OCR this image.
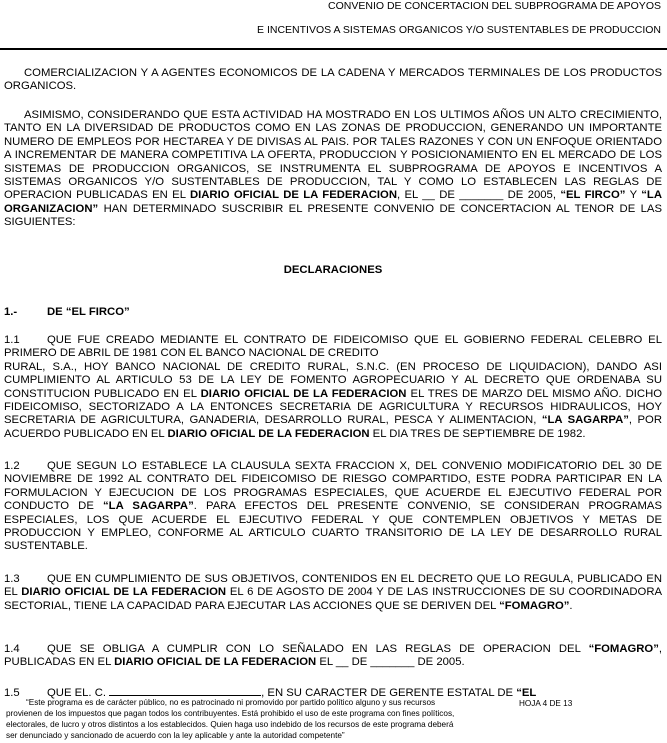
CONVENIO DE CONCERTACION DEL SUBPROGRAMA DE APOYOS
E INCENTIVOS A SISTEMAS ORGANICOS Y/O SUSTENTABLES DE PRODUCCION

COMERCIALIZACION Y A AGENTES ECONOMICOS DE LA CADENA Y MERCADOS TERMINALES DE LOS PRODUCTOS ORGANICOS.

ASIMISMO, CONSIDERANDO QUE ESTA ACTIVIDAD HA MOSTRADO EN LOS ULTIMOS AÑOS UN ALTO CRECIMIENTO, TANTO EN LA DIVERSIDAD DE PRODUCTOS COMO EN LAS ZONAS DE PRODUCCION, GENERANDO UN IMPORTANTE NUMERO DE EMPLEOS POR HECTAREA Y DE DIVISAS AL PAIS. POR TALES RAZONES Y CON UN ENFOQUE ORIENTADO A INCREMENTAR DE MANERA COMPETITIVA LA OFERTA, PRODUCCION Y POSICIONAMIENTO EN EL MERCADO DE LOS SISTEMAS DE PRODUCCION ORGANICOS, SE INSTRUMENTA EL SUBPROGRAMA DE APOYOS E INCENTIVOS A SISTEMAS ORGANICOS Y/O SUSTENTABLES DE PRODUCCION, TAL Y COMO LO ESTABLECEN LAS REGLAS DE OPERACION PUBLICADAS EN EL DIARIO OFICIAL DE LA FEDERACION, EL __ DE _______ DE 2005, “EL FIRCO” Y “LA ORGANIZACION” HAN DETERMINADO SUSCRIBIR EL PRESENTE CONVENIO DE CONCERTACION AL TENOR DE LAS SIGUIENTES:

DECLARACIONES

1.-	DE “EL FIRCO”

1.1 QUE FUE CREADO MEDIANTE EL CONTRATO DE FIDEICOMISO QUE EL GOBIERNO FEDERAL CELEBRO EL PRIMERO DE ABRIL DE 1981 CON EL BANCO NACIONAL DE CREDITO
RURAL, S.A., HOY BANCO NACIONAL DE CREDITO RURAL, S.N.C. (EN PROCESO DE LIQUIDACION), DANDO ASI CUMPLIMIENTO AL ARTICULO 53 DE LA LEY DE FOMENTO AGROPECUARIO Y AL DECRETO QUE ORDENABA SU CONSTITUCION PUBLICADO EN EL DIARIO OFICIAL DE LA FEDERACION EL TRES DE MARZO DEL MISMO AÑO. DICHO FIDEICOMISO, SECTORIZADO A LA ENTONCES SECRETARIA DE AGRICULTURA Y RECURSOS HIDRAULICOS, HOY SECRETARIA DE AGRICULTURA, GANADERIA, DESARROLLO RURAL, PESCA Y ALIMENTACION, “LA SAGARPA”, POR ACUERDO PUBLICADO EN EL DIARIO OFICIAL DE LA FEDERACION EL DIA TRES DE SEPTIEMBRE DE 1982.

1.2 QUE SEGUN LO ESTABLECE LA CLAUSULA SEXTA FRACCION X, DEL CONVENIO MODIFICATORIO DEL 30 DE NOVIEMBRE DE 1992 AL CONTRATO DEL FIDEICOMISO DE RIESGO COMPARTIDO, ESTE PODRA PARTICIPAR EN LA FORMULACION Y EJECUCION DE LOS PROGRAMAS ESPECIALES, QUE ACUERDE EL EJECUTIVO FEDERAL POR CONDUCTO DE “LA SAGARPA”. PARA EFECTOS DEL PRESENTE CONVENIO, SE CONSIDERAN PROGRAMAS ESPECIALES, LOS QUE ACUERDE EL EJECUTIVO FEDERAL Y QUE CONTEMPLEN OBJETIVOS Y METAS DE PRODUCCION Y EMPLEO, CONFORME AL ARTICULO CUARTO TRANSITORIO DE LA LEY DE DESARROLLO RURAL SUSTENTABLE.

1.3 QUE EN CUMPLIMIENTO DE SUS OBJETIVOS, CONTENIDOS EN EL DECRETO QUE LO REGULA, PUBLICADO EN EL DIARIO OFICIAL DE LA FEDERACION EL 6 DE AGOSTO DE 2004 Y DE LAS INSTRUCCIONES DE SU COORDINADORA SECTORIAL, TIENE LA CAPACIDAD PARA EJECUTAR LAS ACCIONES QUE SE DERIVEN DEL “FOMAGRO”.

1.4 QUE SE OBLIGA A CUMPLIR CON LO SEÑALADO EN LAS REGLAS DE OPERACION DEL “FOMAGRO”, PUBLICADAS EN EL DIARIO OFICIAL DE LA FEDERACION EL __ DE _______ DE 2005.

1.5 QUE EL. C.	, EN SU CARACTER DE GERENTE ESTATAL DE “EL

“Este programa es de carácter público, no es patrocinado ni promovido por partido político alguno y sus recursos
provienen de los impuestos que pagan todos los contribuyentes. Está prohibido el uso de este programa con fines políticos,
electorales, de lucro y otros distintos a los establecidos. Quien haga uso indebido de los recursos de este programa deberá
ser denunciado y sancionado de acuerdo con la ley aplicable y ante la autoridad competente”
HOJA 4 DE 13
